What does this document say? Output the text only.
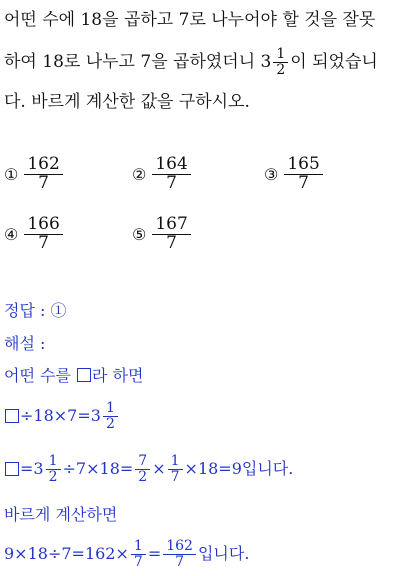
어떤 수에 18을 곱하고 7로 나누어야 할 것을 잘못
하여 18로 나누고 7을 곱하였더니 $3 \frac{1}{2}$ 이 되었습니
다. 바르게 계산한 값을 구하시오.
① $\frac{162}{7}$	② $\frac{164}{7}$	③ $\frac{165}{7}$
④ $\frac{166}{7}$	⑤ $\frac{167}{7}$
정답 : ①
해설 :
어떤 수를 라 하면
$\div 18\times 7=3 \frac{1}{2}$
$=3 \frac{1}{2} \div 7\times 18= \frac{7}{2} \times \frac{1}{7} \times 18=9$입니다.
바르게 계산하면
$9\times 18\div 7=162\times \frac{1}{7} = \frac{162}{7}$ 입니다.
